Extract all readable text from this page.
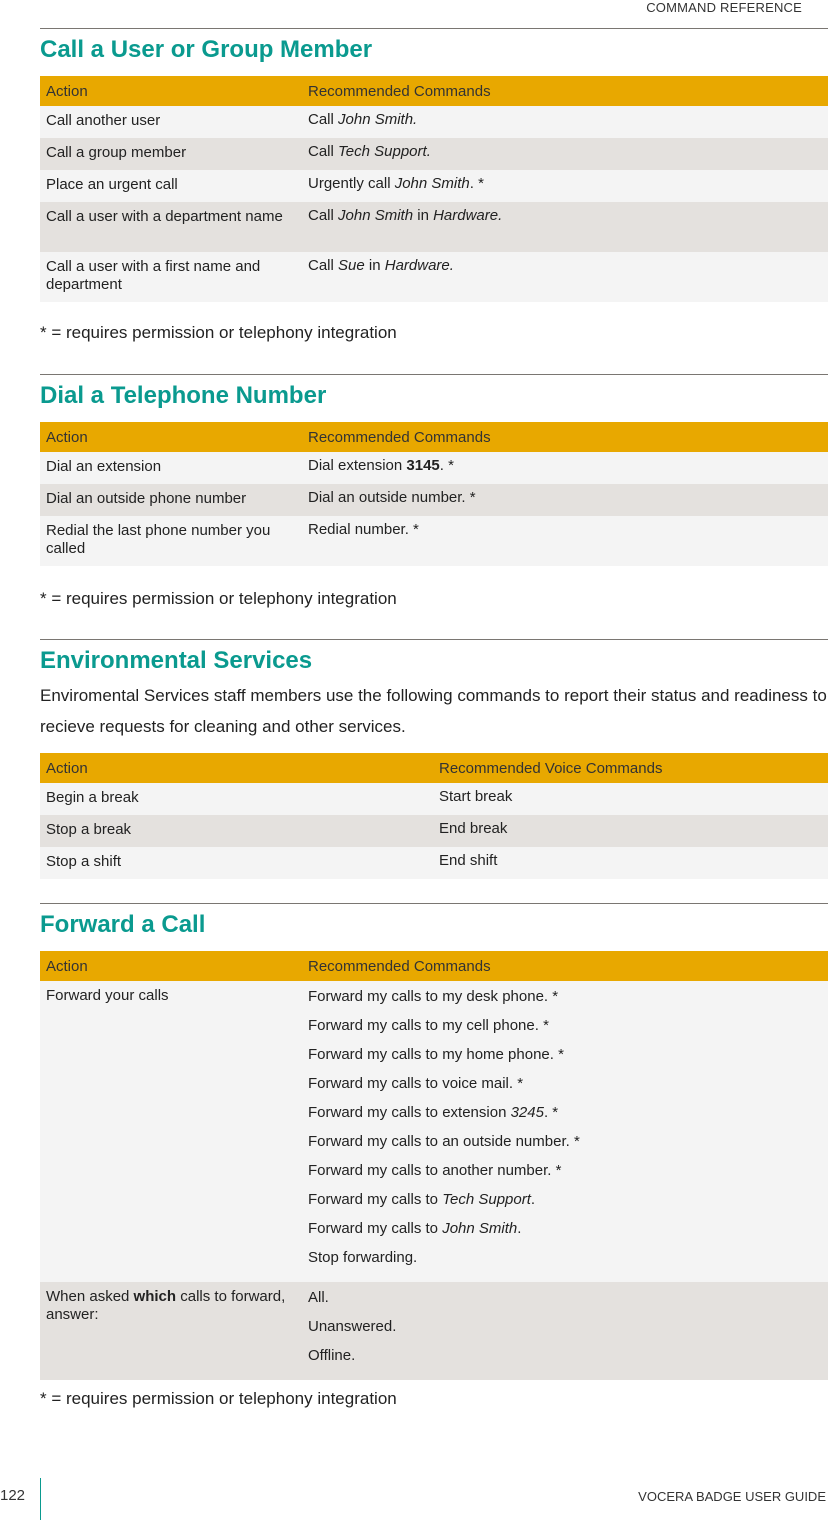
COMMAND REFERENCE
Call a User or Group Member
Action	Recommended Commands
Call another user	Call John Smith.
Call a group member	Call Tech Support.
Place an urgent call	Urgently call John Smith. *
Call a user with a department name	Call John Smith in Hardware.
Call a user with a first name and department	Call Sue in Hardware.
* = requires permission or telephony integration
Dial a Telephone Number
Action	Recommended Commands
Dial an extension	Dial extension 3145. *
Dial an outside phone number	Dial an outside number. *
Redial the last phone number you called	Redial number. *
* = requires permission or telephony integration
Environmental Services
Enviromental Services staff members use the following commands to report their status and readiness to recieve requests for cleaning and other services.
Action	Recommended Voice Commands
Begin a break	Start break
Stop a break	End break
Stop a shift	End shift
Forward a Call
Action	Recommended Commands
Forward your calls	Forward my calls to my desk phone. *
Forward my calls to my cell phone. *
Forward my calls to my home phone. *
Forward my calls to voice mail. *
Forward my calls to extension 3245. *
Forward my calls to an outside number. *
Forward my calls to another number. *
Forward my calls to Tech Support.
Forward my calls to John Smith.
Stop forwarding.

When asked which calls to forward, answer:	All.
Unanswered.
Offline.
* = requires permission or telephony integration
122	VOCERA BADGE USER GUIDE
